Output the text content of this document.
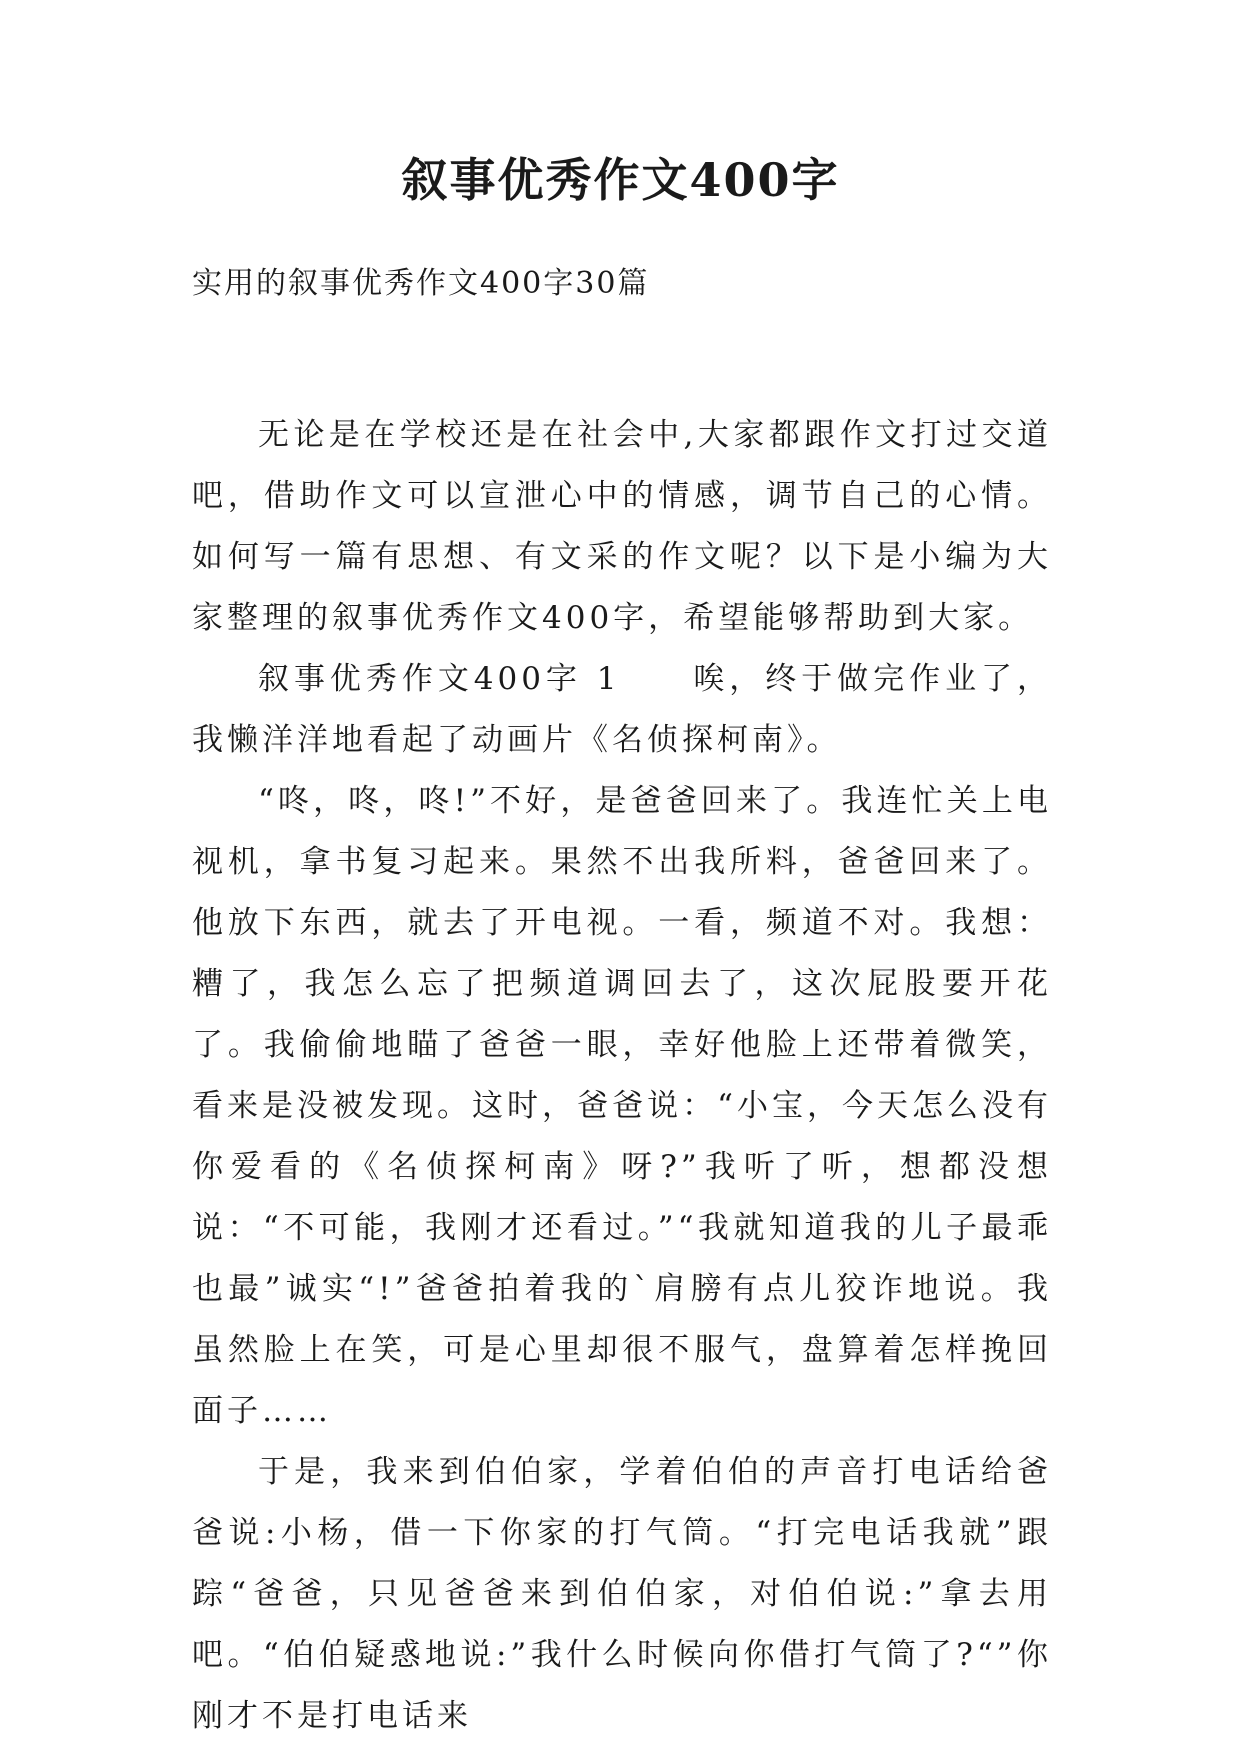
叙事优秀作文400字
实用的叙事优秀作文400字30篇

无论是在学校还是在社会中,大家都跟作文打过交道吧，借助作文可以宣泄心中的情感，调节自己的心情。如何写一篇有思想、有文采的作文呢？以下是小编为大家整理的叙事优秀作文400字，希望能够帮助到大家。

叙事优秀作文400字 1　　唉，终于做完作业了，我懒洋洋地看起了动画片《名侦探柯南》。

“咚，咚，咚!”不好，是爸爸回来了。我连忙关上电视机，拿书复习起来。果然不出我所料，爸爸回来了。他放下东西，就去了开电视。一看，频道不对。我想：糟了，我怎么忘了把频道调回去了，这次屁股要开花了。我偷偷地瞄了爸爸一眼，幸好他脸上还带着微笑，看来是没被发现。这时，爸爸说：“小宝，今天怎么没有你爱看的《名侦探柯南》呀?”我听了听，想都没想说：“不可能，我刚才还看过。”“我就知道我的儿子最乖也最”诚实“!”爸爸拍着我的`肩膀有点儿狡诈地说。我虽然脸上在笑，可是心里却很不服气，盘算着怎样挽回面子……

于是，我来到伯伯家，学着伯伯的声音打电话给爸爸说:小杨，借一下你家的打气筒。“打完电话我就”跟踪“爸爸，只见爸爸来到伯伯家，对伯伯说:”拿去用吧。“伯伯疑惑地说:”我什么时候向你借打气筒了?“”你刚才不是打电话来
